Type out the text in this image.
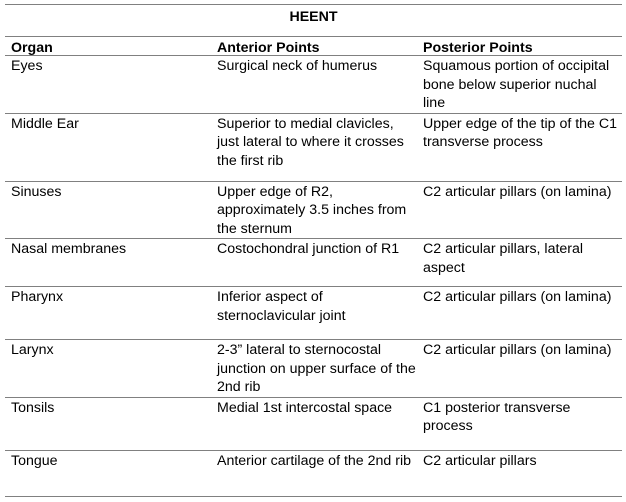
HEENT		
Organ	Anterior Points	Posterior Points
Eyes	Surgical neck of humerus	Squamous portion of occipital bone below superior nuchal line
Middle Ear	Superior to medial clavicles, just lateral to where it crosses the first rib	Upper edge of the tip of the C1 transverse process
Sinuses	Upper edge of R2, approximately 3.5 inches from the sternum	C2 articular pillars (on lamina)
Nasal membranes	Costochondral junction of R1	C2 articular pillars, lateral aspect
Pharynx	Inferior aspect of sternoclavicular joint	C2 articular pillars (on lamina)
Larynx	2-3” lateral to sternocostal junction on upper surface of the 2nd rib	C2 articular pillars (on lamina)
Tonsils	Medial 1st intercostal space	C1 posterior transverse process
Tongue	Anterior cartilage of the 2nd rib	C2 articular pillars
